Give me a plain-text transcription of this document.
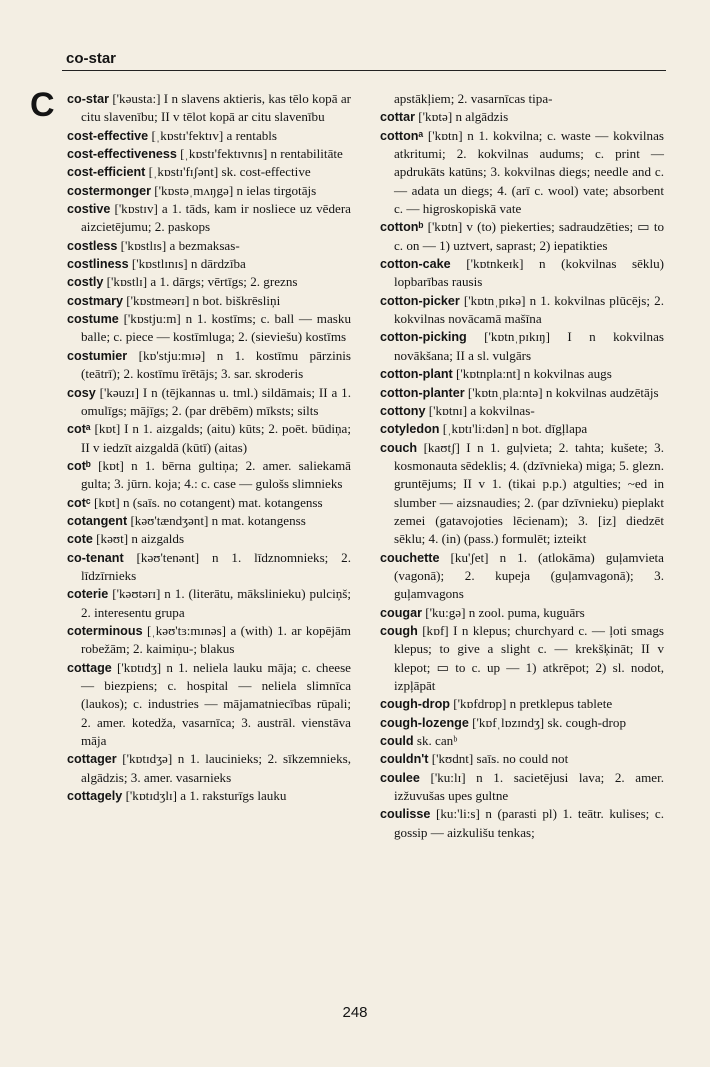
co-star
C co-star ['kəusta:] I n slavens aktieris, kas tēlo kopā ar citu slavenību; II v tēlot kopā ar citu slavenību
cost-effective [ˌkɒstɪ'fektɪv] a rentabls
cost-effectiveness [ˌkɒstɪ'fektɪvnɪs] n rentabilitāte
cost-efficient [ˌkɒstɪ'fɪʃənt] sk. cost-effective
costermonger ['kɒstəˌmʌŋgə] n ielas tirgotājs
costive ['kɒstɪv] a 1. tāds, kam ir nosliece uz vēdera aizcietējumu; 2. paskops
costless ['kɒstlɪs] a bezmaksas-
costliness ['kɒstlɪnɪs] n dārdzība
costly ['kɒstlɪ] a 1. dārgs; vērtīgs; 2. grezns
costmary ['kɒstmeərɪ] n bot. biškrēsliņi
costume ['kɒstju:m] n 1. kostīms; c. ball — masku balle; c. piece — kostīmluga; 2. (sieviešu) kostīms
costumier [kɒ'stju:mɪə] n 1. kostīmu pārzinis (teātrī); 2. kostīmu īrētājs; 3. sar. skroderis
cosy ['kəuzɪ] I n (tējkannas u. tml.) sildāmais; II a 1. omulīgs; mājīgs; 2. (par drēbēm) mīksts; silts
cotᵃ [kɒt] I n 1. aizgalds; (aitu) kūts; 2. poēt. būdiņa; II v iedzīt aizgaldā (kūtī) (aitas)
cotᵇ [kɒt] n 1. bērna gultiņa; 2. amer. saliekamā gulta; 3. jūrn. koja; 4.: c. case — gulošs slimnieks
cotᶜ [kɒt] n (saīs. no cotangent) mat. kotangenss
cotangent [kəʊ'tændʒənt] n mat. kotangenss
cote [kəʊt] n aizgalds
co-tenant [kəʊ'tenənt] n 1. līdznomnieks; 2. līdzīrnieks
coterie ['kəʊtərɪ] n 1. (literātu, mākslinieku) pulciņš; 2. interesentu grupa
coterminous [ˌkəʊ'tɜ:mɪnəs] a (with) 1. ar kopējām robežām; 2. kaimiņu-; blakus
cottage ['kɒtɪdʒ] n 1. neliela lauku māja; c. cheese — biezpiens; c. hospital — neliela slimnīca (laukos); c. industries — mājamatniecības rūpali; 2. amer. kotedža, vasarnīca; 3. austrāl. vienstāva māja
cottager ['kɒtɪdʒə] n 1. laucinieks; 2. sīkzemnieks, algādzis; 3. amer. vasarnieks
cottagely ['kɒtɪdʒlɪ] a 1. raksturīgs lauku
apstākļiem; 2. vasarnīcas tipa-
cottar ['kɒtə] n algādzis
cottonᵃ ['kɒtn] n 1. kokvilna; c. waste — kokvilnas atkritumi; 2. kokvilnas audums; c. print — apdrukāts katūns; 3. kokvilnas diegs; needle and c. — adata un diegs; 4. (arī c. wool) vate; absorbent c. — higroskopiskā vate
cottonᵇ ['kɒtn] v (to) piekerties; sadraudzēties; ▭ to c. on — 1) uztvert, saprast; 2) iepatikties
cotton-cake ['kɒtnkeɪk] n (kokvilnas sēklu) lopbarības rausis
cotton-picker ['kɒtnˌpɪkə] n 1. kokvilnas plūcējs; 2. kokvilnas novācamā mašīna
cotton-picking ['kɒtnˌpɪkɪŋ] I n kokvilnas novākšana; II a sl. vulgārs
cotton-plant ['kɒtnpla:nt] n kokvilnas augs
cotton-planter ['kɒtnˌpla:ntə] n kokvilnas audzētājs
cottony ['kɒtnɪ] a kokvilnas-
cotyledon [ˌkɒtɪ'li:dən] n bot. dīgļlapa
couch [kaʊtʃ] I n 1. guļvieta; 2. tahta; kušete; 3. kosmonauta sēdeklis; 4. (dzīvnieka) miga; 5. glezn. gruntējums; II v 1. (tikai p.p.) atgulties; ~ed in slumber — aizsnaudies; 2. (par dzīvnieku) pieplakt zemei (gatavojoties lēcienam); 3. [iz] diedzēt sēklu; 4. (in) (pass.) formulēt; izteikt
couchette [ku'ʃet] n 1. (atlokāma) guļamvieta (vagonā); 2. kupeja (guļamvagonā); 3. guļamvagons
cougar ['ku:gə] n zool. puma, kuguārs
cough [kɒf] I n klepus; churchyard c. — ļoti smags klepus; to give a slight c. — krekšķināt; II v klepot; ▭ to c. up — 1) atkrēpot; 2) sl. nodot, izpļāpāt
cough-drop ['kɒfdrɒp] n pretklepus tablete
cough-lozenge ['kɒfˌlɒzɪndʒ] sk. cough-drop
could sk. canᵇ
couldn't ['kʊdnt] saīs. no could not
coulee ['ku:lɪ] n 1. sacietējusi lava; 2. amer. izžuvušas upes gultne
coulisse [ku:'li:s] n (parasti pl) 1. teātr. kulises; c. gossip — aizkulišu tenkas;
248
